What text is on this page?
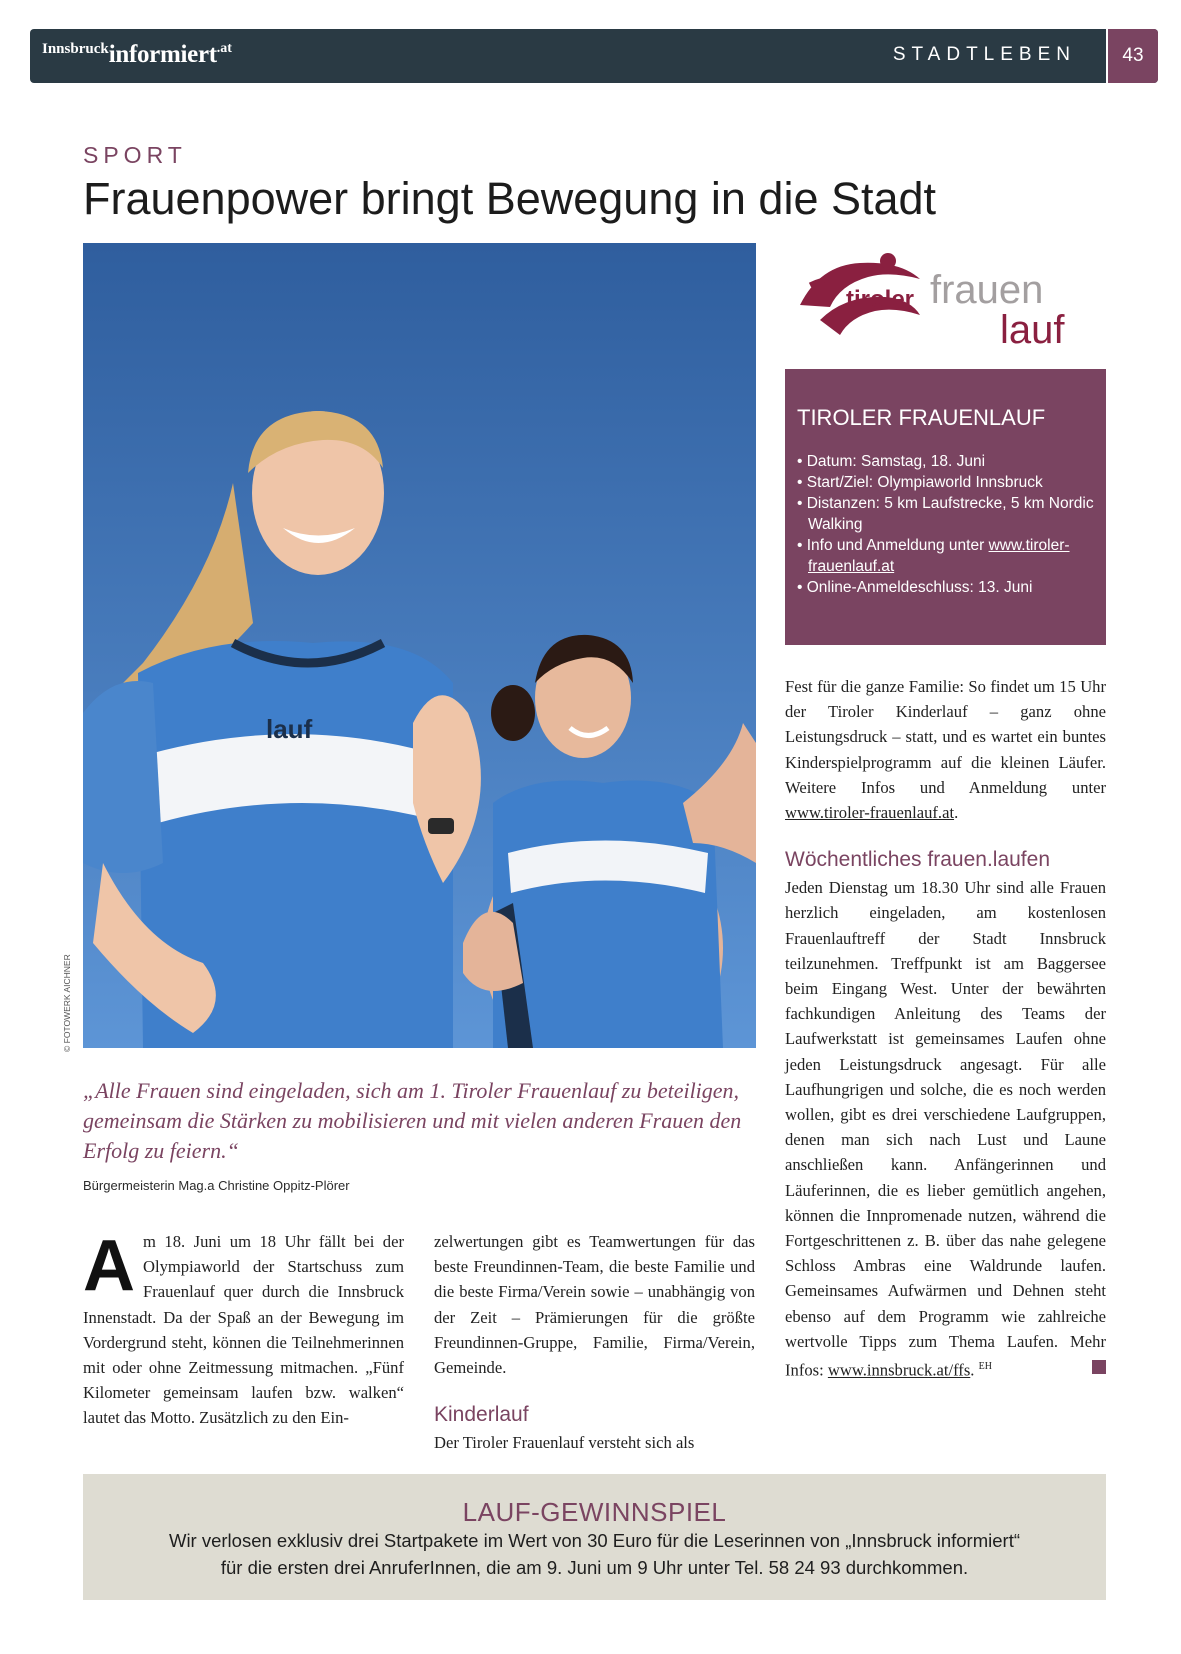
Innsbruckinformiert.at	STADTLEBEN	43
SPORT
Frauenpower bringt Bewegung in die Stadt
lauf
© FOTOWERK AICHNER
tiroler frauen
lauf
TIROLER FRAUENLAUF
• Datum: Samstag, 18. Juni
• Start/Ziel: Olympiaworld Innsbruck
• Distanzen: 5 km Laufstrecke, 5 km Nordic Walking
• Info und Anmeldung unter www.tiroler-frauenlauf.at
• Online-Anmeldeschluss: 13. Juni
„Alle Frauen sind eingeladen, sich am 1. Tiroler Frauenlauf zu beteiligen, gemeinsam die Stärken zu mobilisieren und mit vielen anderen Frauen den Erfolg zu feiern.“
Bürgermeisterin Mag.a Christine Oppitz-Plörer

Am 18. Juni um 18 Uhr fällt bei der Olympiaworld der Startschuss zum Frauenlauf quer durch die Innsbruck Innenstadt. Da der Spaß an der Bewegung im Vordergrund steht, können die Teilnehmerinnen mit oder ohne Zeitmessung mitmachen. „Fünf Kilometer gemeinsam laufen bzw. walken“ lautet das Motto. Zusätzlich zu den Ein-

zelwertungen gibt es Teamwertungen für das beste Freundinnen-Team, die beste Familie und die beste Firma/Verein sowie – unabhängig von der Zeit – Prämierungen für die größte Freundinnen-Gruppe, Familie, Firma/Verein, Gemeinde.

Kinderlauf

Der Tiroler Frauenlauf versteht sich als

Fest für die ganze Familie: So findet um 15 Uhr der Tiroler Kinderlauf – ganz ohne Leistungsdruck – statt, und es wartet ein buntes Kinderspielprogramm auf die kleinen Läufer. Weitere Infos und Anmeldung unter www.tiroler-frauenlauf.at.

Wöchentliches frauen.laufen

Jeden Dienstag um 18.30 Uhr sind alle Frauen herzlich eingeladen, am kostenlosen Frauenlauftreff der Stadt Innsbruck teilzunehmen. Treffpunkt ist am Baggersee beim Eingang West. Unter der bewährten fachkundigen Anleitung des Teams der Laufwerkstatt ist gemeinsames Laufen ohne jeden Leistungsdruck angesagt. Für alle Laufhungrigen und solche, die es noch werden wollen, gibt es drei verschiedene Laufgruppen, denen man sich nach Lust und Laune anschließen kann. Anfängerinnen und Läuferinnen, die es lieber gemütlich angehen, können die Innpromenade nutzen, während die Fortgeschrittenen z. B. über das nahe gelegene Schloss Ambras eine Waldrunde laufen. Gemeinsames Aufwärmen und Dehnen steht ebenso auf dem Programm wie zahlreiche wertvolle Tipps zum Thema Laufen. Mehr Infos: www.innsbruck.at/ffs. $^{EH}$

LAUF-GEWINNSPIEL
Wir verlosen exklusiv drei Startpakete im Wert von 30 Euro für die Leserinnen von „Innsbruck informiert“
für die ersten drei AnruferInnen, die am 9. Juni um 9 Uhr unter Tel. 58 24 93 durchkommen.
